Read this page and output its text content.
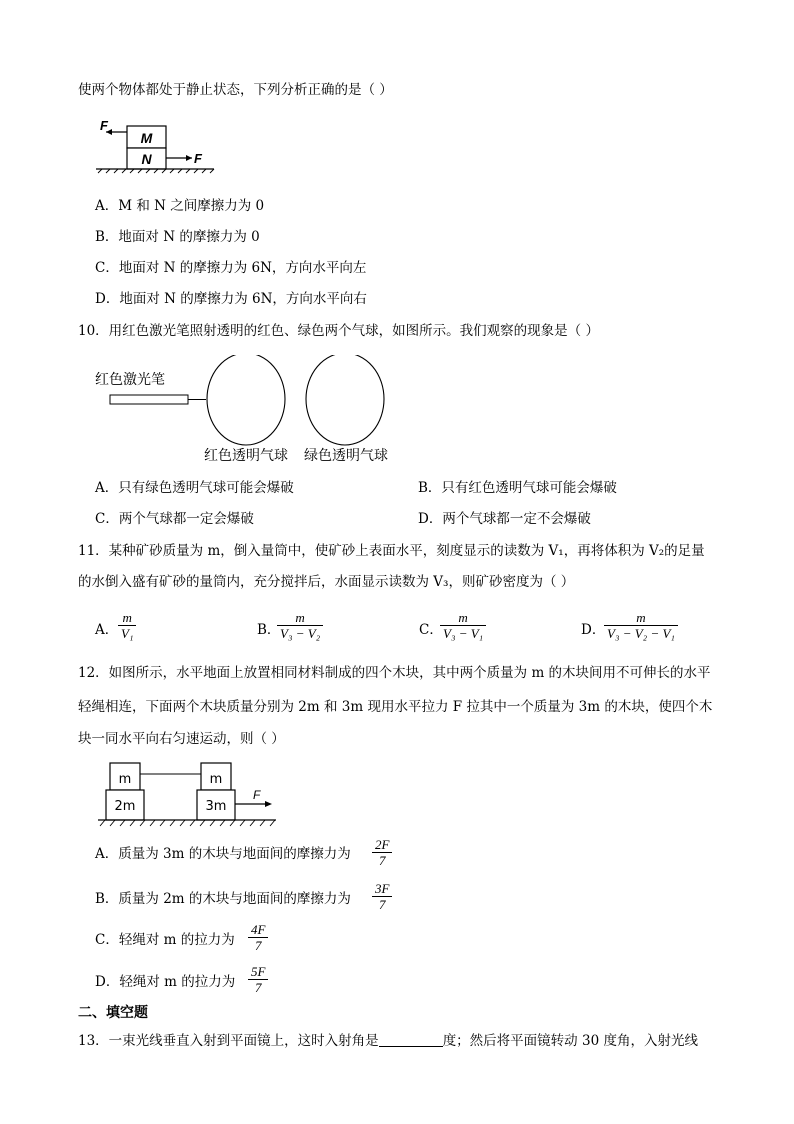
使两个物体都处于静止状态，下列分析正确的是（ ）
M
N
F
F
A．M 和 N 之间摩擦力为 0
B．地面对 N 的摩擦力为 0
C．地面对 N 的摩擦力为 6N，方向水平向左
D．地面对 N 的摩擦力为 6N，方向水平向右
10．用红色激光笔照射透明的红色、绿色两个气球，如图所示。我们观察的现象是（ ）
红色激光笔
红色透明气球 绿色透明气球
A．只有绿色透明气球可能会爆破	B．只有红色透明气球可能会爆破
C．两个气球都一定会爆破	D．两个气球都一定不会爆破
11．某种矿砂质量为 m，倒入量筒中，使矿砂上表面水平，刻度显示的读数为 V₁，再将体积为 V₂的足量
的水倒入盛有矿砂的量筒内，充分搅拌后，水面显示读数为 V₃，则矿砂密度为（ ）
A． $\frac{m}{\text{V₁}}$	B．
$\frac{m}{\text{V₃ − V₂}}$	C．
$\frac{m}{\text{V₃ − V₁}}$	D．
$\frac{m}{\text{V₃ − V₂ − V₁}}$
12．如图所示，水平地面上放置相同材料制成的四个木块，其中两个质量为 m 的木块间用不可伸长的水平
轻绳相连，下面两个木块质量分别为 2m 和 3m 现用水平拉力 F 拉其中一个质量为 3m 的木块，使四个木
块一同水平向右匀速运动，则（ ）
m	m
2m	3m
F
A．质量为 3m 的木块与地面间的摩擦力为 $\frac{2F}{7}$
B．质量为 2m 的木块与地面间的摩擦力为 $\frac{3F}{7}$
C．轻绳对 m 的拉力为 $\frac{4F}{7}$
D．轻绳对 m 的拉力为 $\frac{5F}{7}$
二、填空题
13．一束光线垂直入射到平面镜上，这时入射角是	度；然后将平面镜转动 30 度角，入射光线
